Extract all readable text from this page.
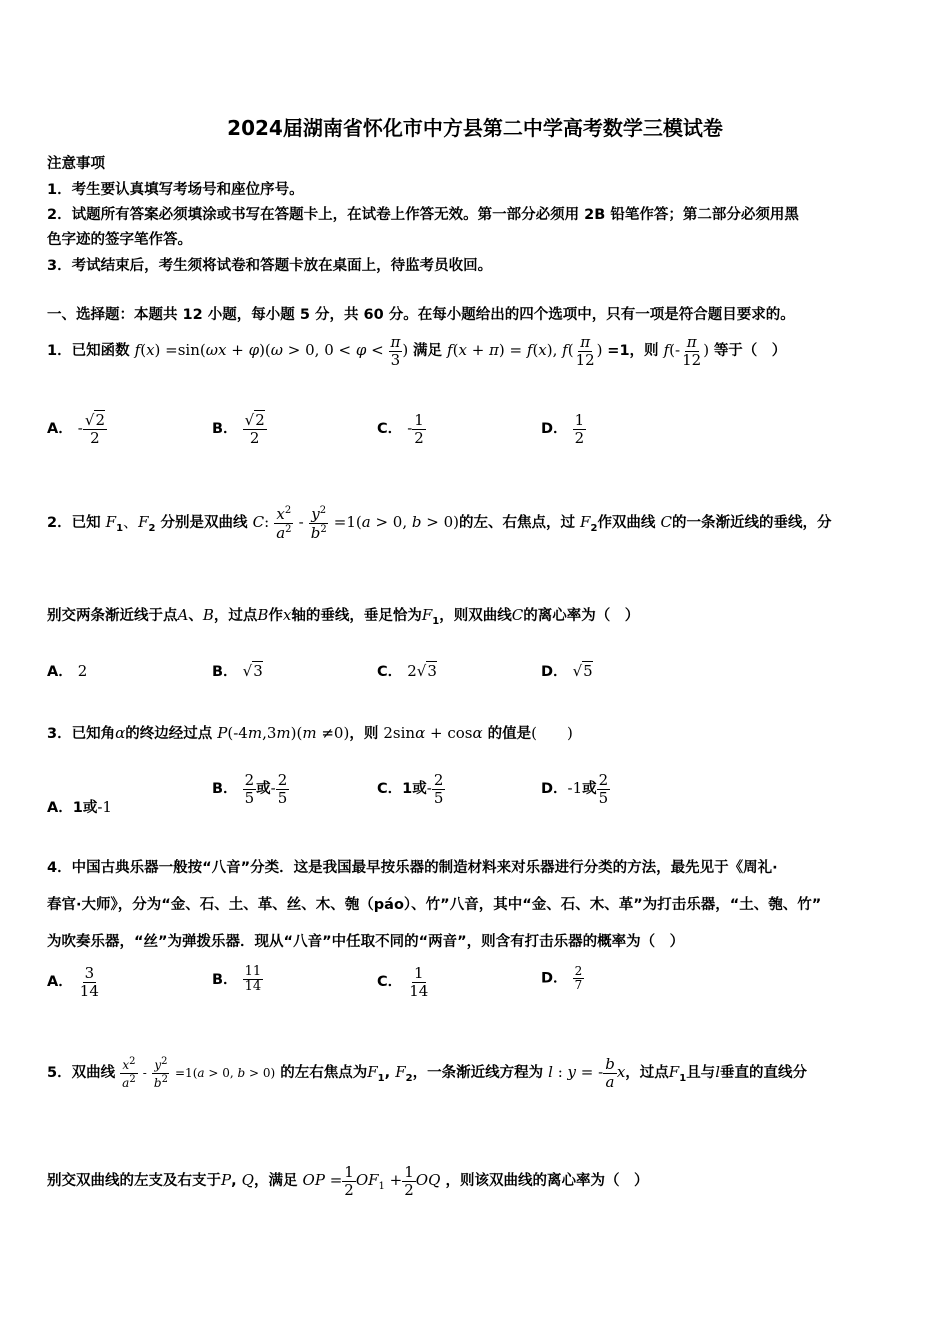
2024届湖南省怀化市中方县第二中学高考数学三模试卷
注意事项
1．考生要认真填写考场号和座位序号。
2．试题所有答案必须填涂或书写在答题卡上，在试卷上作答无效。第一部分必须用 2B 铅笔作答；第二部分必须用黑
色字迹的签字笔作答。
3．考试结束后，考生须将试卷和答题卡放在桌面上，待监考员收回。
一、选择题：本题共 12 小题，每小题 5 分，共 60 分。在每小题给出的四个选项中，只有一项是符合题目要求的。
1．已知函数 f(x) =sin(ωx + φ)(ω > 0, $0 < \varphi < \frac{\pi}{3}$ ) 满足 f(x + π) = f(x), $f( \frac{\pi}{12}$ ) =1，则 $f(- \frac{\pi}{12}$ ) 等于（　）
A． - $\frac{√2}{2}$	B． $\frac{√2}{2}$	C． - $\frac{1}{2}$	D． $\frac{1}{2}$
2．已知 $F_1$、$F_2$ 分别是双曲线 C: $\frac{x^2}{a^2} - \frac{y^2}{b^2} =1(a > 0$, b > 0)的左、右焦点，过 $F_2$作双曲线 C的一条渐近线的垂线，分
别交两条渐近线于点A、B，过点B作x轴的垂线，垂足恰为$F_1$，则双曲线C的离心率为（　）
A． 2	B． √3	C． 2√3	D． √5
3．已知角α的终边经过点 P(-4m,3m)(m ≠0)，则 2sinα + cosα 的值是(　　)
A．1或-1
B． $\frac{2}{5}$ 或- $\frac{2}{5}$	C．1或- $\frac{2}{5}$	D．-1或 $\frac{2}{5}$
4．中国古典乐器一般按“八音”分类．这是我国最早按乐器的制造材料来对乐器进行分类的方法，最先见于《周礼·
春官·大师》，分为“金、石、土、革、丝、木、匏（páo）、竹”八音，其中“金、石、木、革”为打击乐器，“土、匏、竹”
为吹奏乐器，“丝”为弹拨乐器．现从“八音”中任取不同的“两音”，则含有打击乐器的概率为（　）
A． $\frac{3}{14}$	B． $\frac{11}{14}$	C． $\frac{1}{14}$	D． $\frac{2}{7}$
5．双曲线 $\frac{x^2}{a^2} - \frac{y^2}{b^2} =1(a > 0$, b > 0) 的左右焦点为$F_1$, $F_2$，一条渐近线方程为 l : y = - $\frac{b}{a}$ x，过点$F_1$且与l垂直的直线分
别交双曲线的左支及右支于P, Q，满足 OP = $\frac{1}{2} OF_1 + \frac{1}{2}$ OQ ，则该双曲线的离心率为（　）
